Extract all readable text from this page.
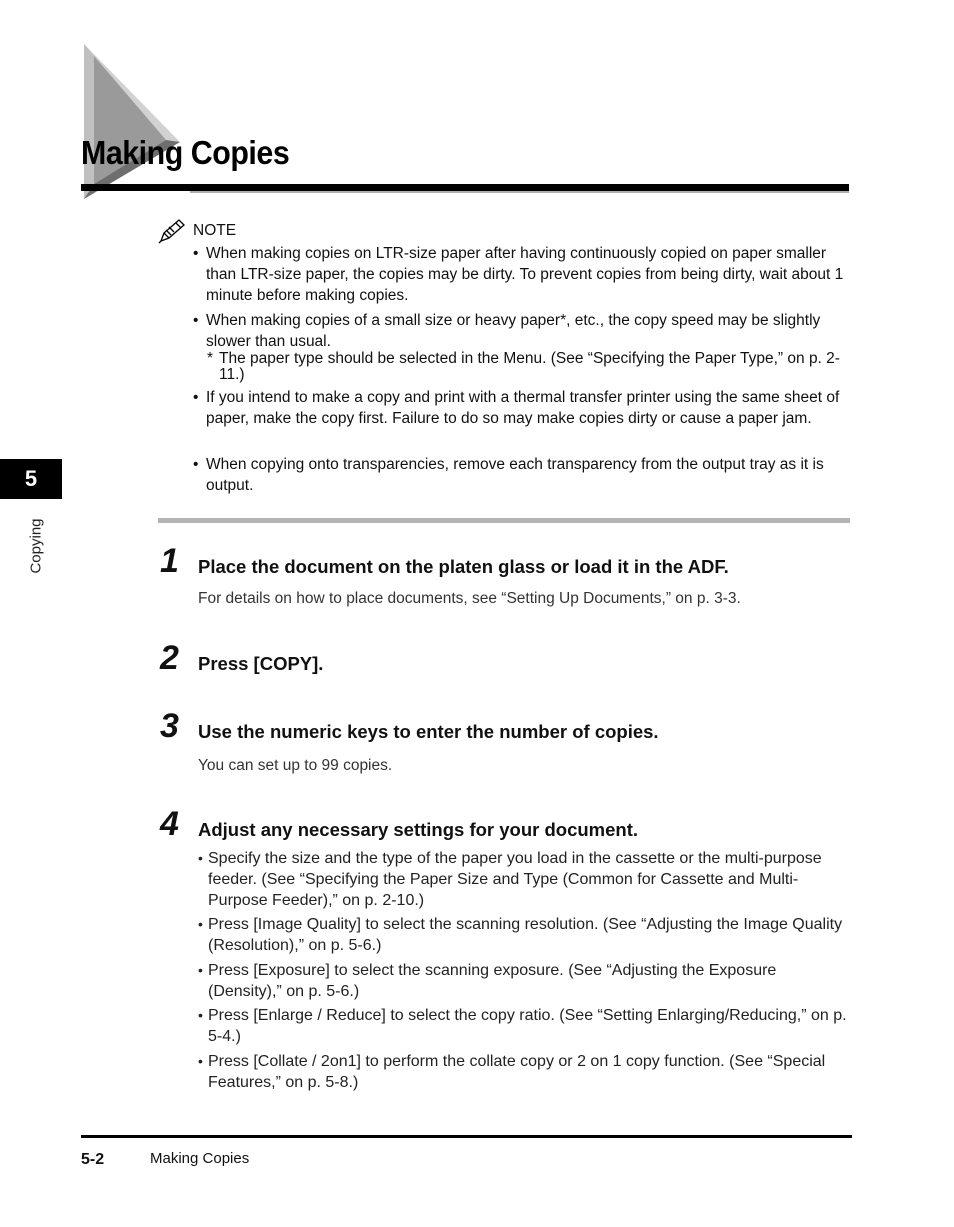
Making Copies
5
Copying
NOTE
• When making copies on LTR-size paper after having continuously copied on paper smaller than LTR-size paper, the copies may be dirty. To prevent copies from being dirty, wait about 1 minute before making copies.
• When making copies of a small size or heavy paper*, etc., the copy speed may be slightly slower than usual.
* The paper type should be selected in the Menu. (See “Specifying the Paper Type,” on p. 2-11.)
• If you intend to make a copy and print with a thermal transfer printer using the same sheet of paper, make the copy first. Failure to do so may make copies dirty or cause a paper jam.
• When copying onto transparencies, remove each transparency from the output tray as it is output.
1 Place the document on the platen glass or load it in the ADF.
For details on how to place documents, see “Setting Up Documents,” on p. 3-3.
2 Press [COPY].
3 Use the numeric keys to enter the number of copies.
You can set up to 99 copies.
4 Adjust any necessary settings for your document.
• Specify the size and the type of the paper you load in the cassette or the multi-purpose feeder. (See “Specifying the Paper Size and Type (Common for Cassette and Multi-Purpose Feeder),” on p. 2-10.)
• Press [Image Quality] to select the scanning resolution. (See “Adjusting the Image Quality (Resolution),” on p. 5-6.)
• Press [Exposure] to select the scanning exposure. (See “Adjusting the Exposure (Density),” on p. 5-6.)
• Press [Enlarge / Reduce] to select the copy ratio. (See “Setting Enlarging/Reducing,” on p. 5-4.)
• Press [Collate / 2on1] to perform the collate copy or 2 on 1 copy function. (See “Special Features,” on p. 5-8.)
5-2	Making Copies
